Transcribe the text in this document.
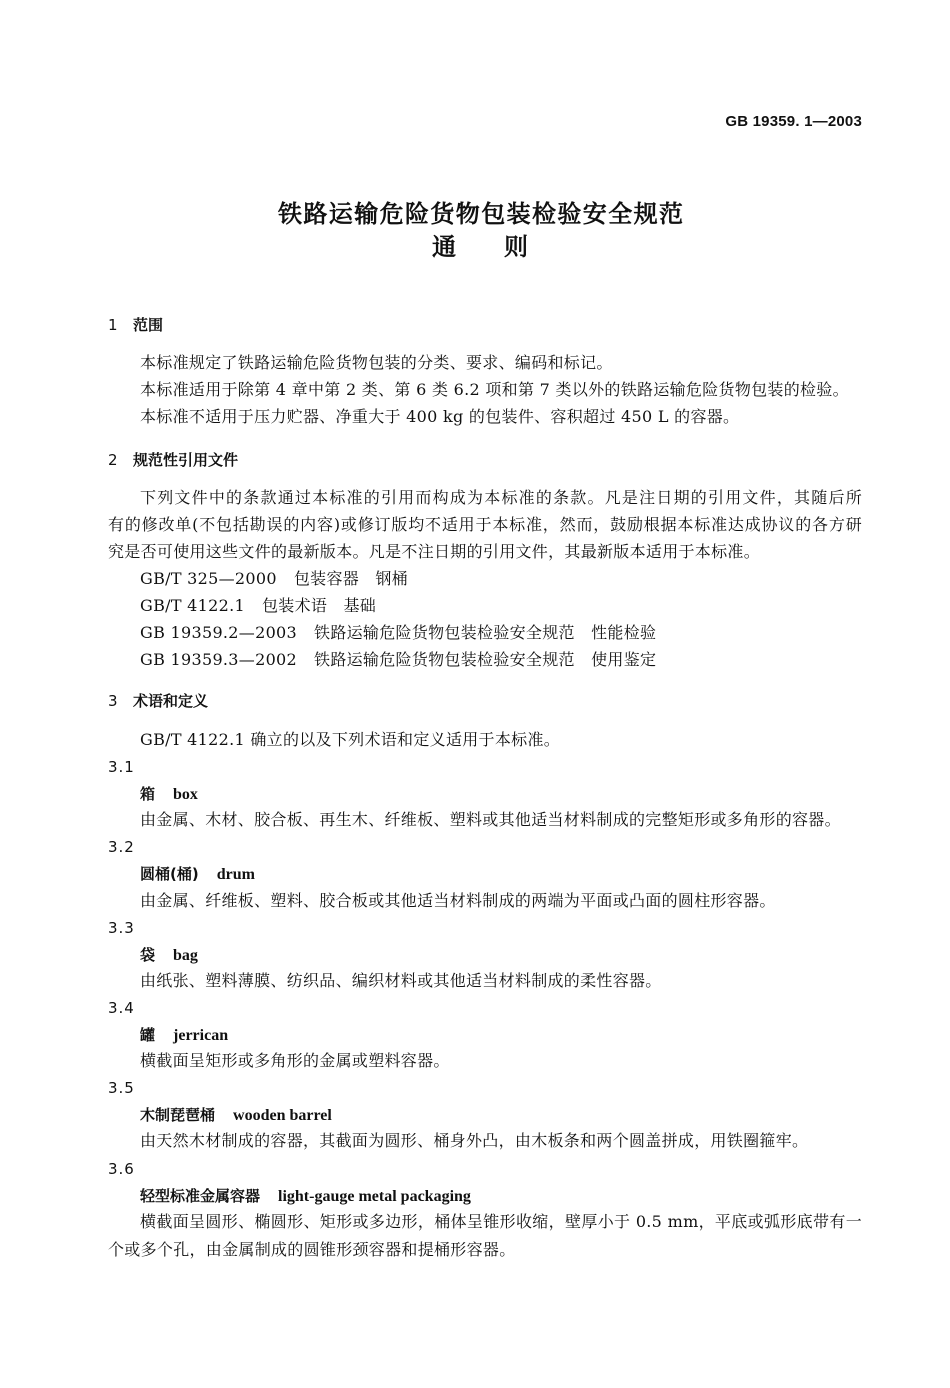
GB 19359. 1—2003
铁路运输危险货物包装检验安全规范
通　　则
1 范围
本标准规定了铁路运输危险货物包装的分类、要求、编码和标记。
本标准适用于除第 4 章中第 2 类、第 6 类 6.2 项和第 7 类以外的铁路运输危险货物包装的检验。
本标准不适用于压力贮器、净重大于 400 kg 的包装件、容积超过 450 L 的容器。
2 规范性引用文件
下列文件中的条款通过本标准的引用而构成为本标准的条款。凡是注日期的引用文件，其随后所
有的修改单(不包括勘误的内容)或修订版均不适用于本标准，然而，鼓励根据本标准达成协议的各方研
究是否可使用这些文件的最新版本。凡是不注日期的引用文件，其最新版本适用于本标准。
GB/T 325—2000 包装容器　钢桶
GB/T 4122.1 包装术语　基础
GB 19359.2—2003 铁路运输危险货物包装检验安全规范　性能检验
GB 19359.3—2002 铁路运输危险货物包装检验安全规范　使用鉴定
3 术语和定义
GB/T 4122.1 确立的以及下列术语和定义适用于本标准。
3.1
箱 box
由金属、木材、胶合板、再生木、纤维板、塑料或其他适当材料制成的完整矩形或多角形的容器。
3.2
圆桶(桶) drum
由金属、纤维板、塑料、胶合板或其他适当材料制成的两端为平面或凸面的圆柱形容器。
3.3
袋 bag
由纸张、塑料薄膜、纺织品、编织材料或其他适当材料制成的柔性容器。
3.4
罐 jerrican
横截面呈矩形或多角形的金属或塑料容器。
3.5
木制琵琶桶 wooden barrel
由天然木材制成的容器，其截面为圆形、桶身外凸，由木板条和两个圆盖拼成，用铁圈箍牢。
3.6
轻型标准金属容器 light-gauge metal packaging
横截面呈圆形、椭圆形、矩形或多边形，桶体呈锥形收缩，壁厚小于 0.5 mm，平底或弧形底带有一
个或多个孔，由金属制成的圆锥形颈容器和提桶形容器。
